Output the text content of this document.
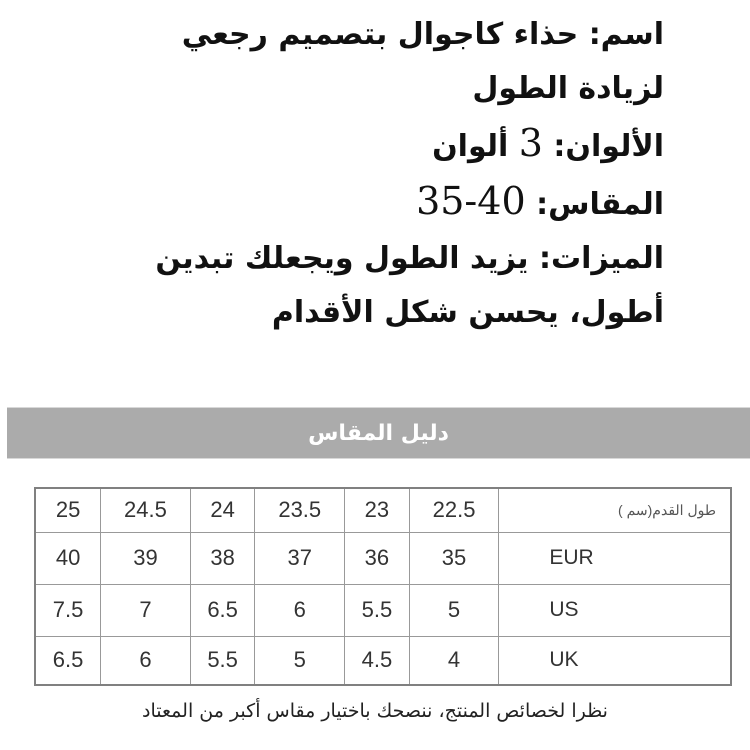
اسم: حذاء كاجوال بتصميم رجعي
لزيادة الطول
الألوان: 3 ألوان
المقاس: 35-40
الميزات: يزيد الطول ويجعلك تبدين
أطول، يحسن شكل الأقدام
دليل المقاس
25	24.5	24	23.5	23	22.5	طول القدم(سم )
40	39	38	37	36	35	EUR
7.5	7	6.5	6	5.5	5	US
6.5	6	5.5	5	4.5	4	UK
نظرا لخصائص المنتج، ننصحك باختيار مقاس أكبر من المعتاد
